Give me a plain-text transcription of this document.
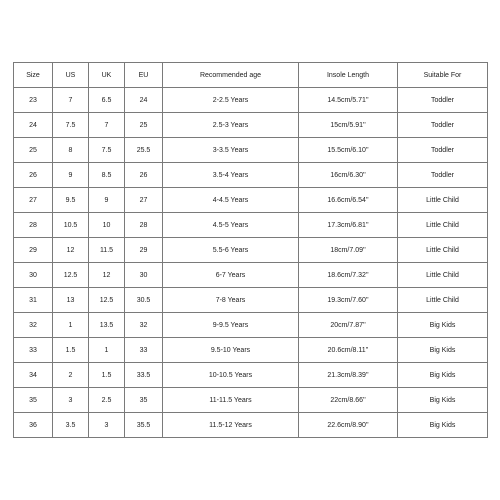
Size	US	UK	EU	Recommended age	Insole Length	Suitable For
23	7	6.5	24	2-2.5 Years	14.5cm/5.71''	Toddler
24	7.5	7	25	2.5-3 Years	15cm/5.91''	Toddler
25	8	7.5	25.5	3-3.5 Years	15.5cm/6.10''	Toddler
26	9	8.5	26	3.5-4 Years	16cm/6.30''	Toddler
27	9.5	9	27	4-4.5 Years	16.6cm/6.54''	Little Child
28	10.5	10	28	4.5-5 Years	17.3cm/6.81''	Little Child
29	12	11.5	29	5.5-6 Years	18cm/7.09''	Little Child
30	12.5	12	30	6-7 Years	18.6cm/7.32''	Little Child
31	13	12.5	30.5	7-8 Years	19.3cm/7.60''	Little Child
32	1	13.5	32	9-9.5 Years	20cm/7.87''	Big Kids
33	1.5	1	33	9.5-10 Years	20.6cm/8.11''	Big Kids
34	2	1.5	33.5	10-10.5 Years	21.3cm/8.39''	Big Kids
35	3	2.5	35	11-11.5 Years	22cm/8.66''	Big Kids
36	3.5	3	35.5	11.5-12 Years	22.6cm/8.90''	Big Kids
